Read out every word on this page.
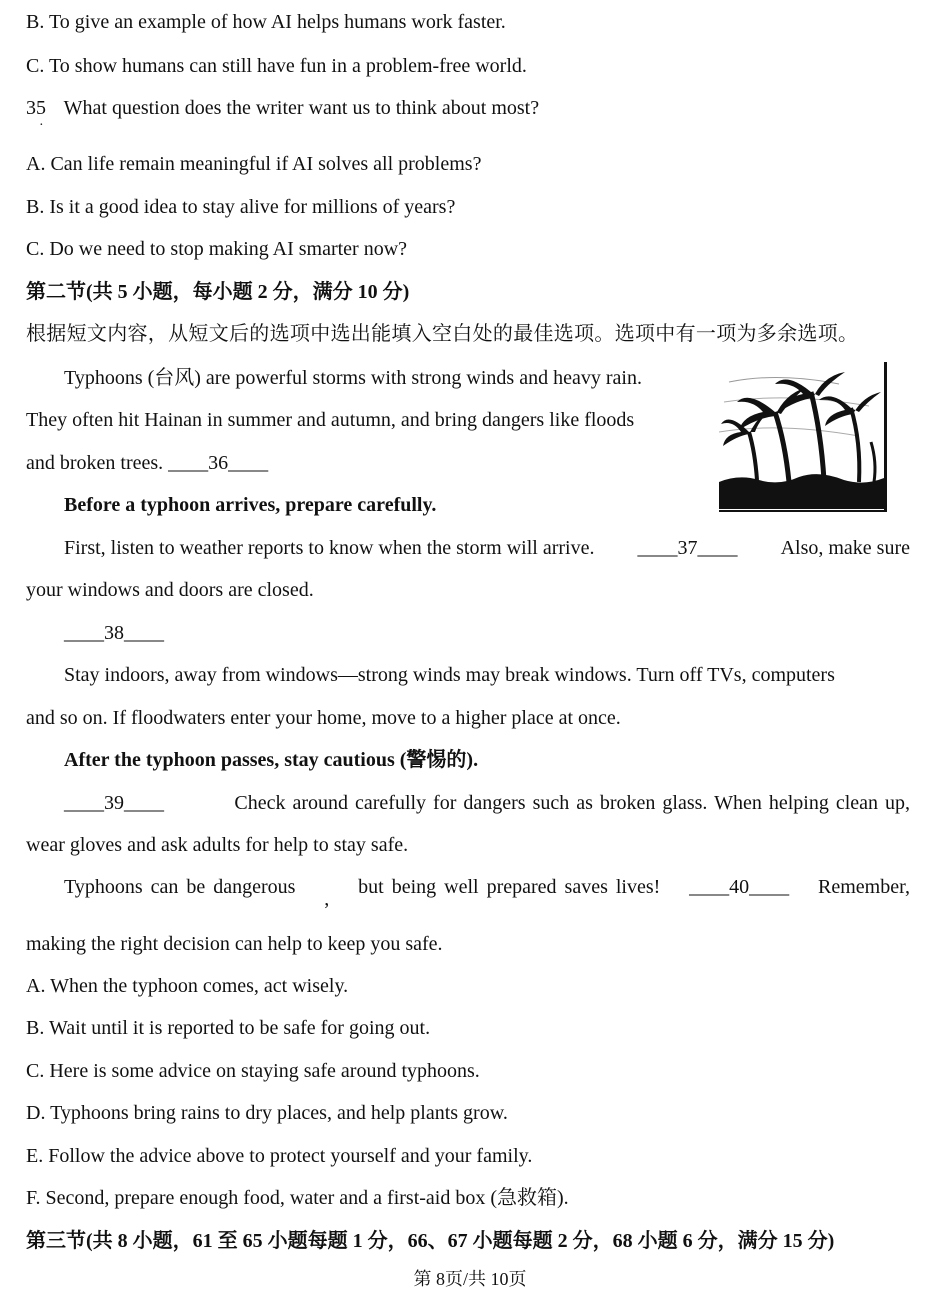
B. To give an example of how AI helps humans work faster.
C. To show humans can still have fun in a problem-free world.
35 What question does the writer want us to think about most?
·
A. Can life remain meaningful if AI solves all problems?
B. Is it a good idea to stay alive for millions of years?
C. Do we need to stop making AI smarter now?
第二节(共 5 小题，每小题 2 分，满分 10 分)
根据短文内容，从短文后的选项中选出能填入空白处的最佳选项。选项中有一项为多余选项。
Typhoons (台风) are powerful storms with strong winds and heavy rain.
They often hit Hainan in summer and autumn, and bring dangers like floods
and broken trees. ____36____
Before a typhoon arrives, prepare carefully.
First, listen to weather reports to know when the storm will arrive. ____37____ Also, make sure
your windows and doors are closed.
____38____
Stay indoors, away from windows—strong winds may break windows. Turn off TVs, computers
and so on. If floodwaters enter your home, move to a higher place at once.
After the typhoon passes, stay cautious (警惕的).
____39____	Check around carefully for dangers such as broken glass. When helping clean up,
wear gloves and ask adults for help to stay safe.
Typhoons can be dangerous
,
but being well prepared saves lives! ____40____ Remember,
making the right decision can help to keep you safe.
A. When the typhoon comes, act wisely.
B. Wait until it is reported to be safe for going out.
C. Here is some advice on staying safe around typhoons.
D. Typhoons bring rains to dry places, and help plants grow.
E. Follow the advice above to protect yourself and your family.
F. Second, prepare enough food, water and a first-aid box (急救箱).
第三节(共 8 小题，61 至 65 小题每题 1 分，66、67 小题每题 2 分，68 小题 6 分，满分 15 分)
第 8页/共 10页
